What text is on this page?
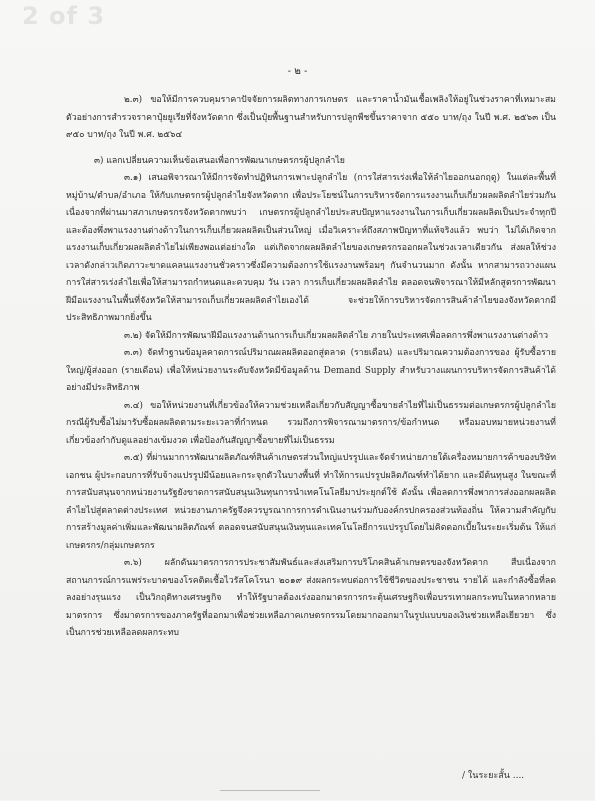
2 of 3
- ๒ -

๒.๓) ขอให้มีการควบคุมราคาปัจจัยการผลิตทางการเกษตร และราคาน้ำมันเชื้อเพลิงให้อยู่ในช่วงราคาที่เหมาะสม ตัวอย่างการสำรวจราคาปุ๋ยยูเรียที่จังหวัดตาก ซึ่งเป็นปุ๋ยพื้นฐานสำหรับการปลูกพืชขึ้นราคาจาก ๕๕๐ บาท/ถุง ในปี พ.ศ. ๒๕๖๓ เป็น ๙๕๐ บาท/ถุง ในปี พ.ศ. ๒๕๖๔

๓) แลกเปลี่ยนความเห็นข้อเสนอเพื่อการพัฒนาเกษตรกรผู้ปลูกลำไย

๓.๑) เสนอพิจารณาให้มีการจัดทำปฏิทินการเพาะปลูกลำไย (การใส่สารเร่งเพื่อให้ลำไยออกนอกฤดู) ในแต่ละพื้นที่หมู่บ้าน/ตำบล/อำเภอ ให้กับเกษตรกรผู้ปลูกลำไยจังหวัดตาก เพื่อประโยชน์ในการบริหารจัดการแรงงานเก็บเกี่ยวผลผลิตลำไยร่วมกัน เนื่องจากที่ผ่านมาสภาเกษตรกรจังหวัดตากพบว่า เกษตรกรผู้ปลูกลำไยประสบปัญหาแรงงานในการเก็บเกี่ยวผลผลิตเป็นประจำทุกปี และต้องพึ่งพาแรงงานต่างด้าวในการเก็บเกี่ยวผลผลิตเป็นส่วนใหญ่ เมื่อวิเคราะห์ถึงสภาพปัญหาที่แท้จริงแล้ว พบว่า ไม่ได้เกิดจากแรงงานเก็บเกี่ยวผลผลิตลำไยไม่เพียงพอแต่อย่างใด แต่เกิดจากผลผลิตลำไยของเกษตรกรออกผลในช่วงเวลาเดียวกัน ส่งผลให้ช่วงเวลาดังกล่าวเกิดภาวะขาดแคลนแรงงานชั่วคราวซึ่งมีความต้องการใช้แรงงานพร้อมๆ กันจำนวนมาก ดังนั้น หากสามารถวางแผนการใส่สารเร่งลำไยเพื่อให้สามารถกำหนดและควบคุม วัน เวลา การเก็บเกี่ยวผลผลิตลำไย ตลอดจนพิจารณาให้มีหลักสูตรการพัฒนาฝีมือแรงงานในพื้นที่จังหวัดให้สามารถเก็บเกี่ยวผลผลิตลำไยเองได้ จะช่วยให้การบริหารจัดการสินค้าลำไยของจังหวัดตากมีประสิทธิภาพมากยิ่งขึ้น

๓.๒) จัดให้มีการพัฒนาฝีมือแรงงานด้านการเก็บเกี่ยวผลผลิตลำไย ภายในประเทศเพื่อลดการพึ่งพาแรงงานต่างด้าว

๓.๓) จัดทำฐานข้อมูลคาดการณ์ปริมาณผลผลิตออกสู่ตลาด (รายเดือน) และปริมาณความต้องการของ ผู้รับซื้อรายใหญ่/ผู้ส่งออก (รายเดือน) เพื่อให้หน่วยงานระดับจังหวัดมีข้อมูลด้าน Demand Supply สำหรับวางแผนการบริหารจัดการสินค้าได้อย่างมีประสิทธิภาพ

๓.๔) ขอให้หน่วยงานที่เกี่ยวข้องให้ความช่วยเหลือเกี่ยวกับสัญญาซื้อขายลำไยที่ไม่เป็นธรรมต่อเกษตรกรผู้ปลูกลำไย กรณีผู้รับซื้อไม่มารับซื้อผลผลิตตามระยะเวลาที่กำหนด รวมถึงการพิจารณามาตรการ/ข้อกำหนด หรือมอบหมายหน่วยงานที่เกี่ยวข้องกำกับดูแลอย่างเข้มงวด เพื่อป้องกันสัญญาซื้อขายที่ไม่เป็นธรรม

๓.๕) ที่ผ่านมาการพัฒนาผลิตภัณฑ์สินค้าเกษตรส่วนใหญ่แปรรูปและจัดจำหน่ายภายใต้เครื่องหมายการค้าของบริษัทเอกชน ผู้ประกอบการที่รับจ้างแปรรูปมีน้อยและกระจุกตัวในบางพื้นที่ ทำให้การแปรรูปผลิตภัณฑ์ทำได้ยาก และมีต้นทุนสูง ในขณะที่การสนับสนุนจากหน่วยงานรัฐยังขาดการสนับสนุนเงินทุนการนำเทคโนโลยีมาประยุกต์ใช้ ดังนั้น เพื่อลดการพึ่งพาการส่งออกผลผลิตลำไยไปสู่ตลาดต่างประเทศ หน่วยงานภาครัฐจึงควรบูรณาการการดำเนินงานร่วมกับองค์กรปกครองส่วนท้องถิ่น ให้ความสำคัญกับการสร้างมูลค่าเพิ่มและพัฒนาผลิตภัณฑ์ ตลอดจนสนับสนุนเงินทุนและเทคโนโลยีการแปรรูปโดยไม่คิดดอกเบี้ยในระยะเริ่มต้น ให้แก่เกษตรกร/กลุ่มเกษตรกร

๓.๖) ผลักดันมาตรการการประชาสัมพันธ์และส่งเสริมการบริโภคสินค้าเกษตรของจังหวัดตาก สืบเนื่องจากสถานการณ์การแพร่ระบาดของโรคติดเชื้อไวรัสโคโรนา ๒๐๑๙ ส่งผลกระทบต่อการใช้ชีวิตของประชาชน รายได้ และกำลังซื้อที่ลดลงอย่างรุนแรง เป็นวิกฤติทางเศรษฐกิจ ทำให้รัฐบาลต้องเร่งออกมาตรการกระตุ้นเศรษฐกิจเพื่อบรรเทาผลกระทบในหลากหลายมาตรการ ซึ่งมาตรการของภาครัฐที่ออกมาเพื่อช่วยเหลือภาคเกษตรกรรมโดยมากออกมาในรูปแบบของเงินช่วยเหลือเยียวยา ซึ่งเป็นการช่วยเหลือลดผลกระทบ

/ ในระยะสั้น ....
